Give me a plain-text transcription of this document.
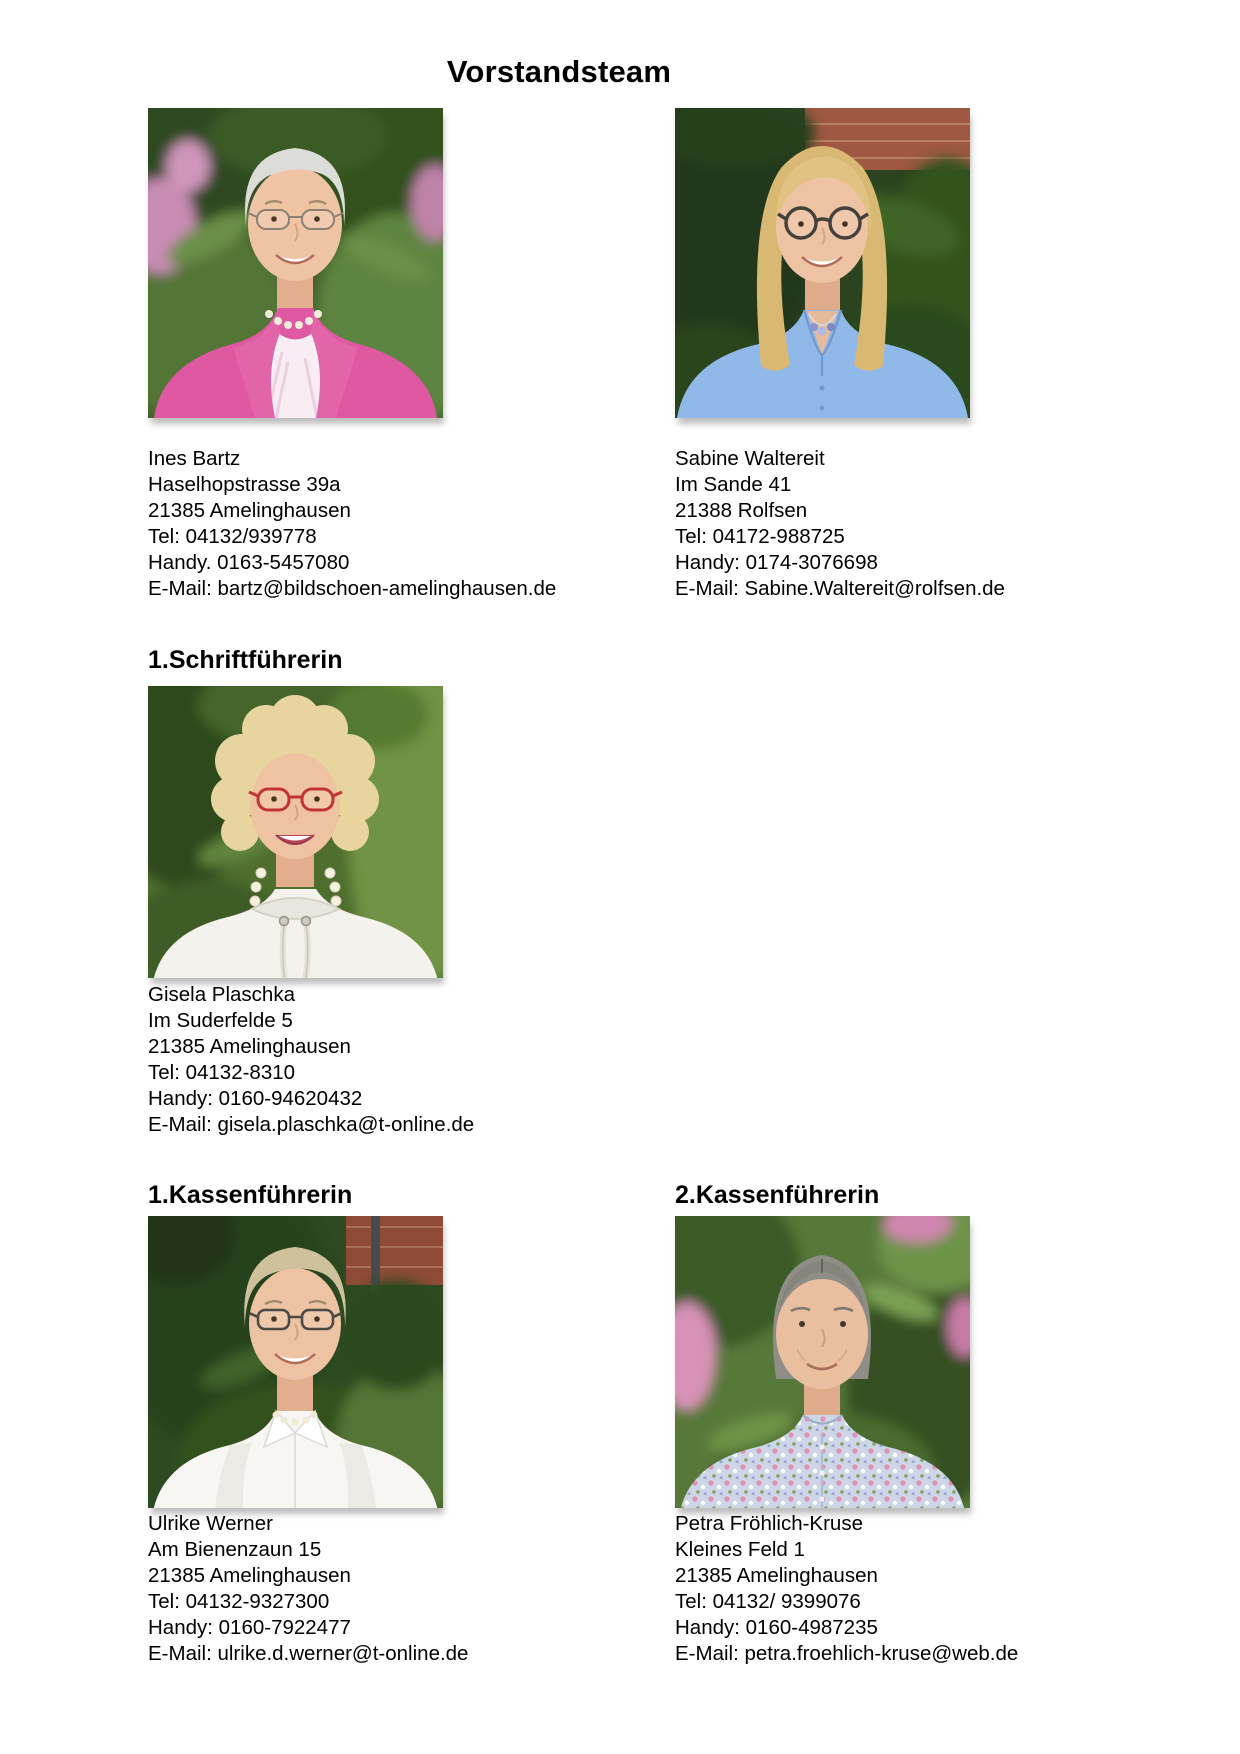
Vorstandsteam
Ines Bartz
Haselhopstrasse 39a
21385 Amelinghausen
Tel: 04132/939778
Handy. 0163-5457080
E-Mail: bartz@bildschoen-amelinghausen.de
Sabine Waltereit
Im Sande 41
21388 Rolfsen
Tel: 04172-988725
Handy: 0174-3076698
E-Mail: Sabine.Waltereit@rolfsen.de
1.Schriftführerin
Gisela Plaschka
Im Suderfelde 5
21385 Amelinghausen
Tel: 04132-8310
Handy: 0160-94620432
E-Mail: gisela.plaschka@t-online.de
1.Kassenführerin
Ulrike Werner
Am Bienenzaun 15
21385 Amelinghausen
Tel: 04132-9327300
Handy: 0160-7922477
E-Mail: ulrike.d.werner@t-online.de
2.Kassenführerin
Petra Fröhlich-Kruse
Kleines Feld 1
21385 Amelinghausen
Tel: 04132/ 9399076
Handy: 0160-4987235
E-Mail: petra.froehlich-kruse@web.de
